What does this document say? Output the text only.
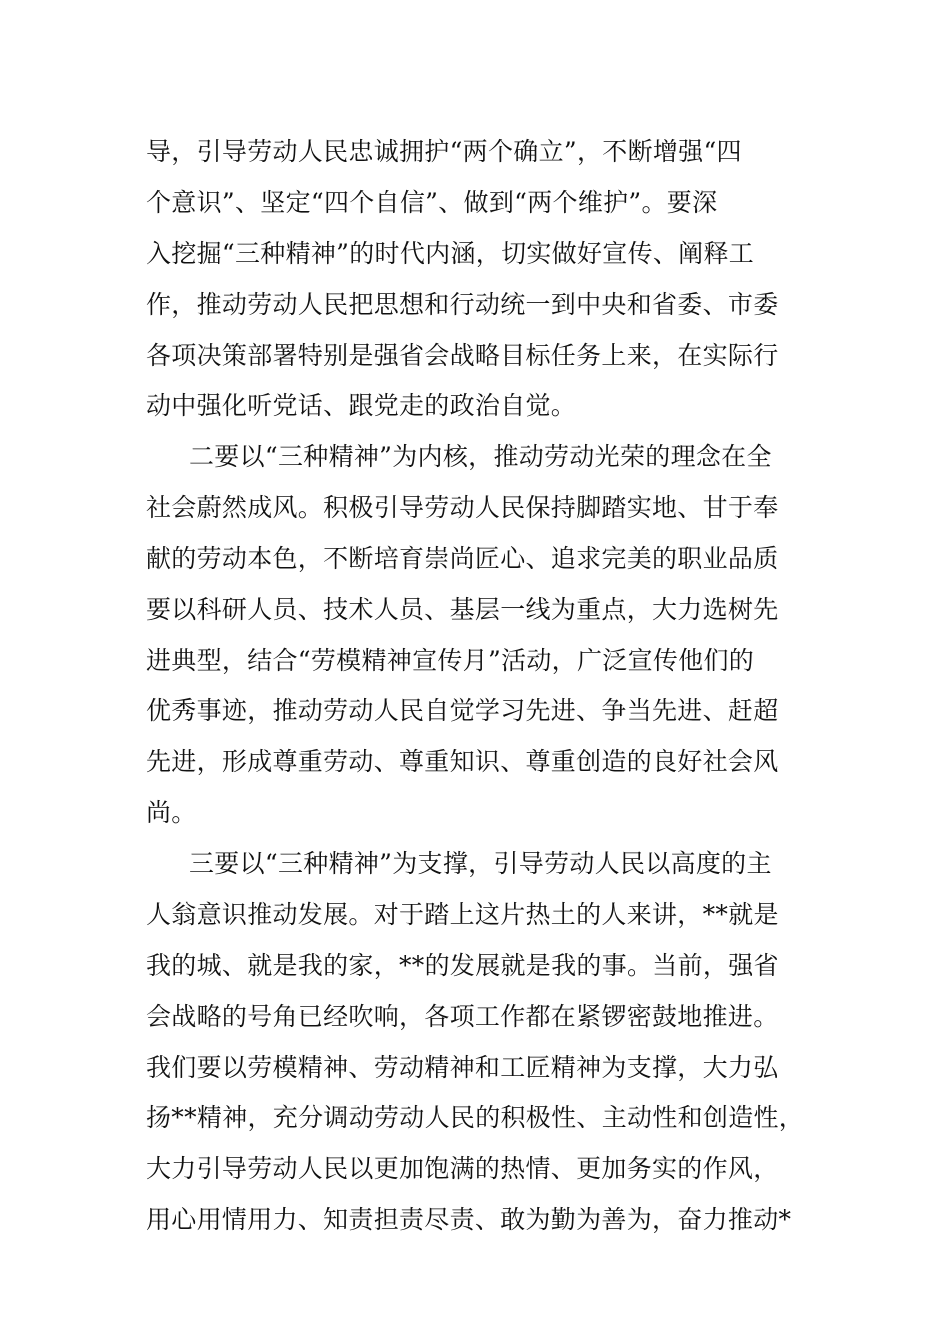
导，引导劳动人民忠诚拥护“两个确立”，不断增强“四
个意识”、坚定“四个自信”、做到“两个维护”。要深
入挖掘“三种精神”的时代内涵，切实做好宣传、阐释工
作，推动劳动人民把思想和行动统一到中央和省委、市委
各项决策部署特别是强省会战略目标任务上来，在实际行
动中强化听党话、跟党走的政治自觉。
二要以“三种精神”为内核，推动劳动光荣的理念在全
社会蔚然成风。积极引导劳动人民保持脚踏实地、甘于奉
献的劳动本色，不断培育崇尚匠心、追求完美的职业品质
要以科研人员、技术人员、基层一线为重点，大力选树先
进典型，结合“劳模精神宣传月”活动，广泛宣传他们的
优秀事迹，推动劳动人民自觉学习先进、争当先进、赶超
先进，形成尊重劳动、尊重知识、尊重创造的良好社会风
尚。
三要以“三种精神”为支撑，引导劳动人民以高度的主
人翁意识推动发展。对于踏上这片热土的人来讲，**就是
我的城、就是我的家，**的发展就是我的事。当前，强省
会战略的号角已经吹响，各项工作都在紧锣密鼓地推进。
我们要以劳模精神、劳动精神和工匠精神为支撑，大力弘
扬**精神，充分调动劳动人民的积极性、主动性和创造性，
大力引导劳动人民以更加饱满的热情、更加务实的作风，
用心用情用力、知责担责尽责、敢为勤为善为，奋力推动*
